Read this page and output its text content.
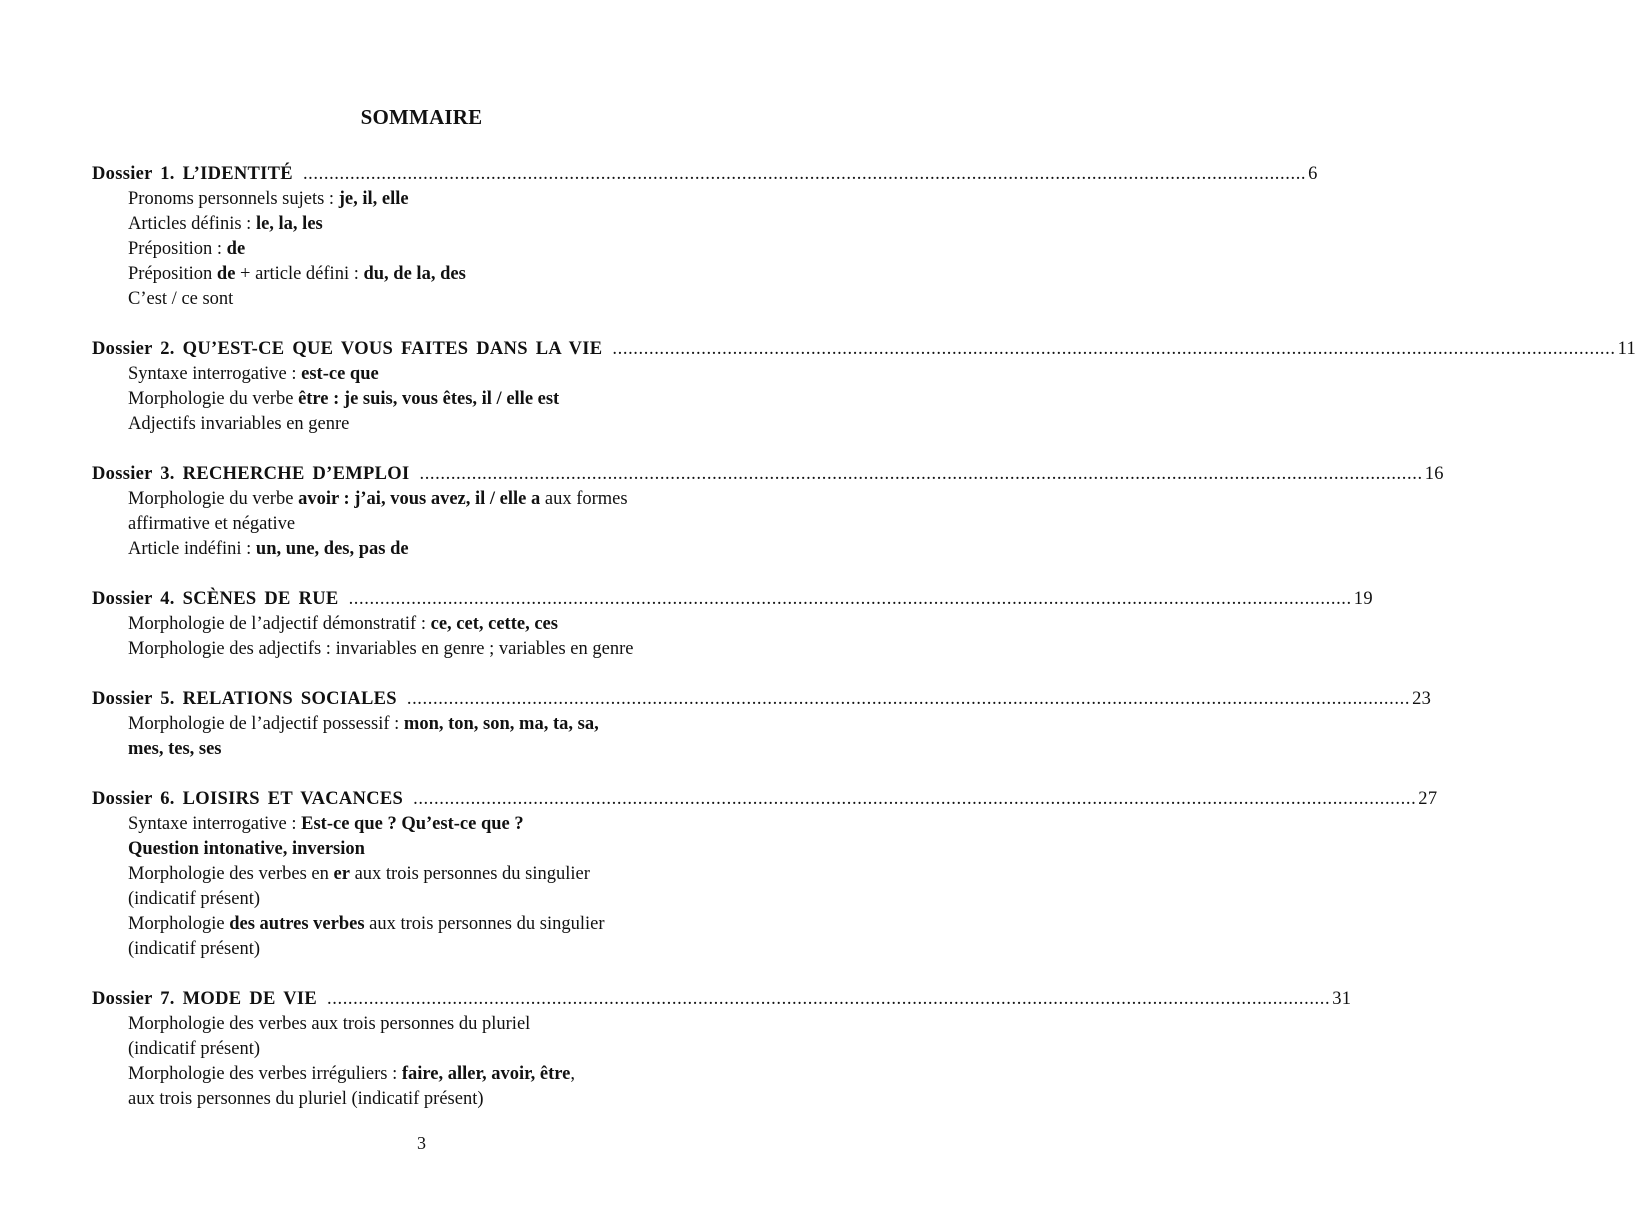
SOMMAIRE
Dossier 1. L’IDENTITÉ ................................................................................................................................................................................................ 6
Pronoms personnels sujets : je, il, elle
Articles définis : le, la, les
Préposition : de
Préposition de + article défini : du, de la, des
C’est / ce sont
Dossier 2. QU’EST-CE QUE VOUS FAITES DANS LA VIE ................................................................................................................................................................................................ 11
Syntaxe interrogative : est-ce que
Morphologie du verbe être : je suis, vous êtes, il / elle est
Adjectifs invariables en genre
Dossier 3. RECHERCHE D’EMPLOI ................................................................................................................................................................................................ 16
Morphologie du verbe avoir : j’ai, vous avez, il / elle a aux formes
affirmative et négative
Article indéfini : un, une, des, pas de
Dossier 4. SCÈNES DE RUE ................................................................................................................................................................................................ 19
Morphologie de l’adjectif démonstratif : ce, cet, cette, ces
Morphologie des adjectifs : invariables en genre ; variables en genre
Dossier 5. RELATIONS SOCIALES ................................................................................................................................................................................................ 23
Morphologie de l’adjectif possessif : mon, ton, son, ma, ta, sa,
mes, tes, ses
Dossier 6. LOISIRS ET VACANCES ................................................................................................................................................................................................ 27
Syntaxe interrogative : Est-ce que ? Qu’est-ce que ?
Question intonative, inversion
Morphologie des verbes en er aux trois personnes du singulier
(indicatif présent)
Morphologie des autres verbes aux trois personnes du singulier
(indicatif présent)
Dossier 7. MODE DE VIE ................................................................................................................................................................................................ 31
Morphologie des verbes aux trois personnes du pluriel
(indicatif présent)
Morphologie des verbes irréguliers : faire, aller, avoir, être,
aux trois personnes du pluriel (indicatif présent)
3
